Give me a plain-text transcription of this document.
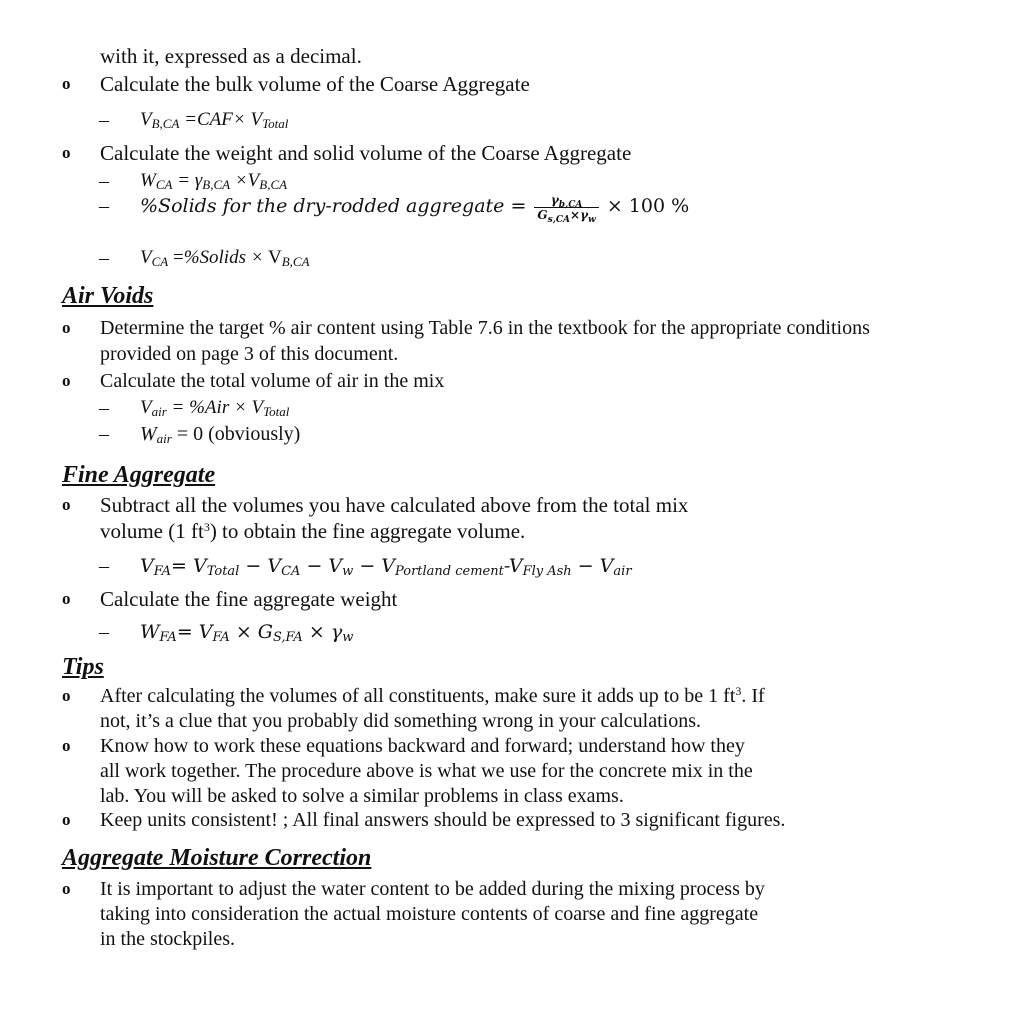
with it, expressed as a decimal.
o Calculate the bulk volume of the Coarse Aggregate
– $V_{B,CA} =CAF\times V_{Total}$
o Calculate the weight and solid volume of the Coarse Aggregate
– $W_{CA} = \gamma_{B,CA} \times V_{B,CA}$
– %Solids for the dry-rodded aggregate = $\frac{\gamma_{b,CA}}{G_{s,CA}\times\gamma_w} \times 100$ %
– $V_{CA}$ =%Solids × $V_{B,CA}$
Air Voids
o Determine the target % air content using Table 7.6 in the textbook for the appropriate conditions
provided on page 3 of this document.
o Calculate the total volume of air in the mix
– $V_{air} = \%Air \times V_{Total}$
– $W_{air} = 0$ (obviously)
Fine Aggregate
o Subtract all the volumes you have calculated above from the total mix
volume (1 $ft^3$) to obtain the fine aggregate volume.
– $V_{FA}= V_{Total} - V_{CA} - V_w - V_{Portland cement}-V_{Fly Ash} - V_{air}$
o Calculate the fine aggregate weight
– $W_{FA}= V_{FA} \times G_{S,FA} \times \gamma_w$
Tips
o After calculating the volumes of all constituents, make sure it adds up to be 1 $ft^3$. If
not, it’s a clue that you probably did something wrong in your calculations.
o Know how to work these equations backward and forward; understand how they
all work together. The procedure above is what we use for the concrete mix in the
lab. You will be asked to solve a similar problems in class exams.
o Keep units consistent! ; All final answers should be expressed to 3 significant figures.
Aggregate Moisture Correction
o It is important to adjust the water content to be added during the mixing process by
taking into consideration the actual moisture contents of coarse and fine aggregate
in the stockpiles.
